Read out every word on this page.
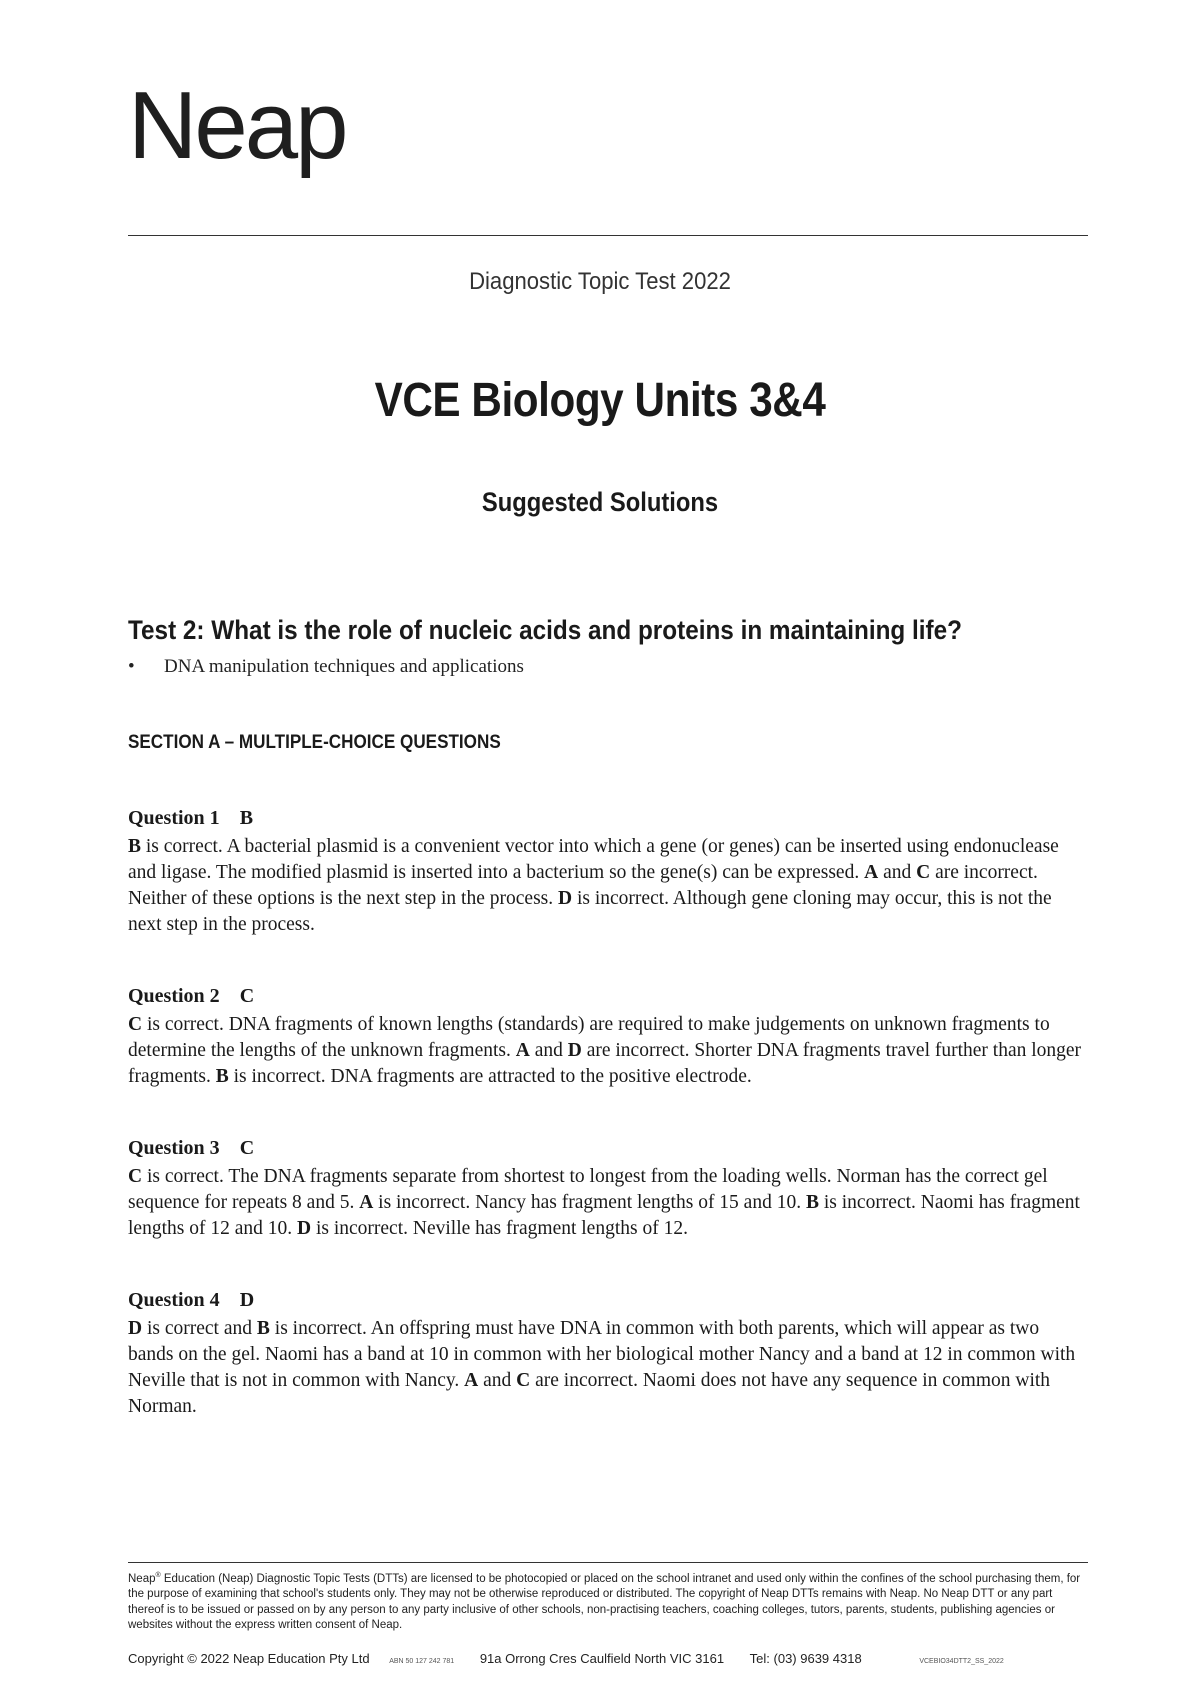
Neap
Diagnostic Topic Test 2022
VCE Biology Units 3&4
Suggested Solutions
Test 2: What is the role of nucleic acids and proteins in maintaining life?
• DNA manipulation techniques and applications
SECTION A – MULTIPLE-CHOICE QUESTIONS
Question 1 B
B is correct. A bacterial plasmid is a convenient vector into which a gene (or genes) can be inserted using endonuclease and ligase. The modified plasmid is inserted into a bacterium so the gene(s) can be expressed. A and C are incorrect. Neither of these options is the next step in the process. D is incorrect. Although gene cloning may occur, this is not the next step in the process.
Question 2 C
C is correct. DNA fragments of known lengths (standards) are required to make judgements on unknown fragments to determine the lengths of the unknown fragments. A and D are incorrect. Shorter DNA fragments travel further than longer fragments. B is incorrect. DNA fragments are attracted to the positive electrode.
Question 3 C
C is correct. The DNA fragments separate from shortest to longest from the loading wells. Norman has the correct gel sequence for repeats 8 and 5. A is incorrect. Nancy has fragment lengths of 15 and 10. B is incorrect. Naomi has fragment lengths of 12 and 10. D is incorrect. Neville has fragment lengths of 12.
Question 4 D
D is correct and B is incorrect. An offspring must have DNA in common with both parents, which will appear as two bands on the gel. Naomi has a band at 10 in common with her biological mother Nancy and a band at 12 in common with Neville that is not in common with Nancy. A and C are incorrect. Naomi does not have any sequence in common with Norman.
Neap® Education (Neap) Diagnostic Topic Tests (DTTs) are licensed to be photocopied or placed on the school intranet and used only within the confines of the school purchasing them, for the purpose of examining that school's students only. They may not be otherwise reproduced or distributed. The copyright of Neap DTTs remains with Neap. No Neap DTT or any part thereof is to be issued or passed on by any person to any party inclusive of other schools, non-practising teachers, coaching colleges, tutors, parents, students, publishing agencies or websites without the express written consent of Neap.
Copyright © 2022 Neap Education Pty Ltd	ABN 50 127 242 781 91a Orrong Cres Caulfield North VIC 3161 Tel: (03) 9639 4318	VCEBIO34DTT2_SS_2022
